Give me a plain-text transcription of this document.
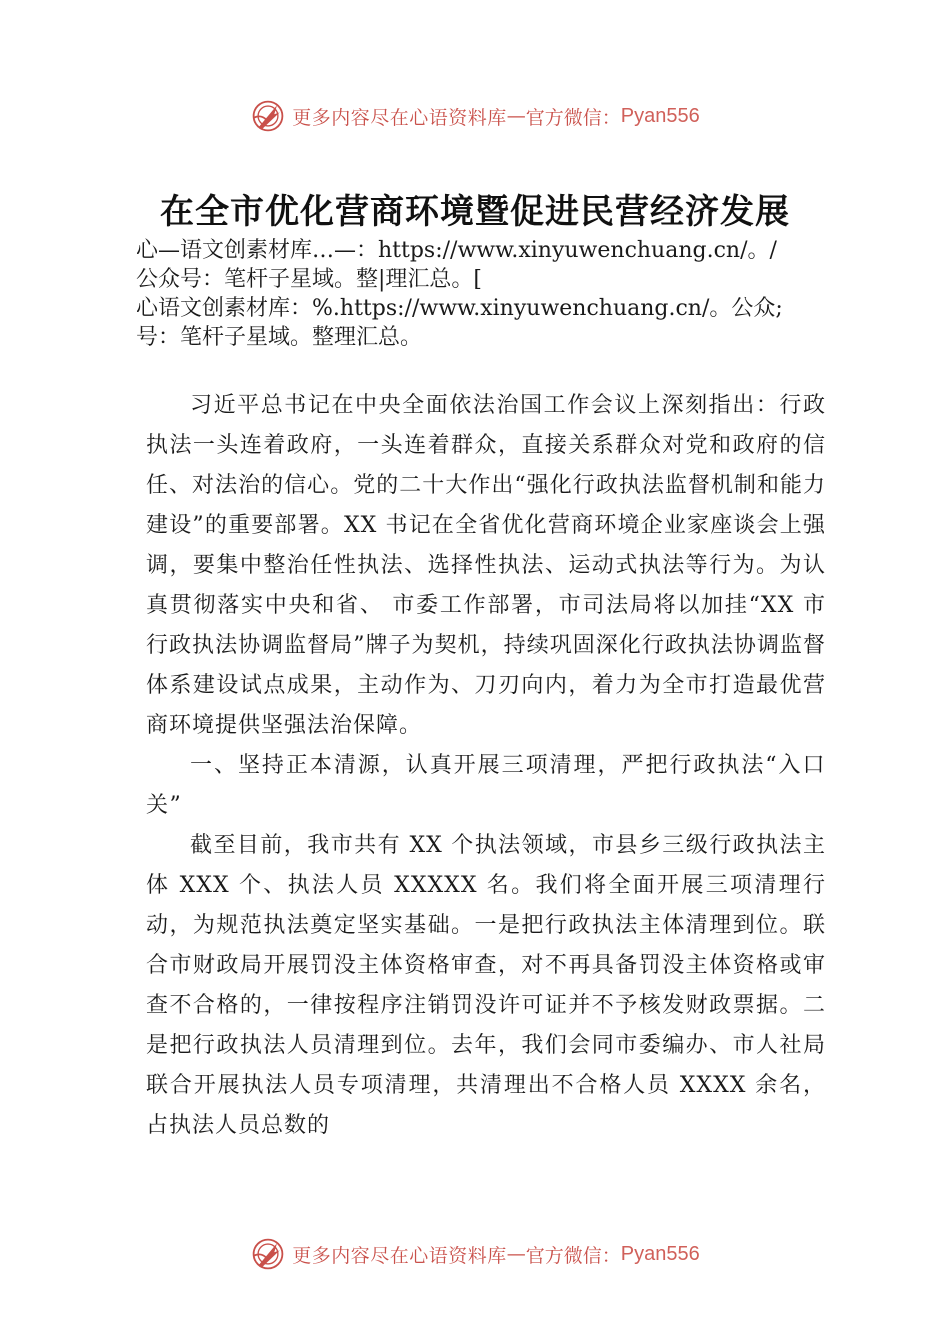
更多内容尽在心语资料库 — 官方微信： Pyan556
在全市优化营商环境暨促进民营经济发展
心—语文创素材库…—：https://www.xinyuwenchuang.cn/。/
公众号：笔杆子星域。整|理汇总。[
心语文创素材库：%.https://www.xinyuwenchuang.cn/。公众;
号：笔杆子星域。整理汇总。

习近平总书记在中央全面依法治国工作会议上深刻指出：行政执法一头连着政府，一头连着群众，直接关系群众对党和政府的信任、对法治的信心。党的二十大作出“强化行政执法监督机制和能力建设”的重要部署。XX 书记在全省优化营商环境企业家座谈会上强调，要集中整治任性执法、选择性执法、运动式执法等行为。为认真贯彻落实中央和省、 市委工作部署，市司法局将以加挂“XX 市行政执法协调监督局”牌子为契机，持续巩固深化行政执法协调监督体系建设试点成果，主动作为、刀刃向内，着力为全市打造最优营商环境提供坚强法治保障。

一、坚持正本清源，认真开展三项清理，严把行政执法“入口关”

截至目前，我市共有 XX 个执法领域，市县乡三级行政执法主体 XXX 个、执法人员 XXXXX 名。我们将全面开展三项清理行动，为规范执法奠定坚实基础。一是把行政执法主体清理到位。联合市财政局开展罚没主体资格审查，对不再具备罚没主体资格或审查不合格的，一律按程序注销罚没许可证并不予核发财政票据。二是把行政执法人员清理到位。去年，我们会同市委编办、市人社局联合开展执法人员专项清理，共清理出不合格人员 XXXX 余名，占执法人员总数的

更多内容尽在心语资料库 — 官方微信： Pyan556
